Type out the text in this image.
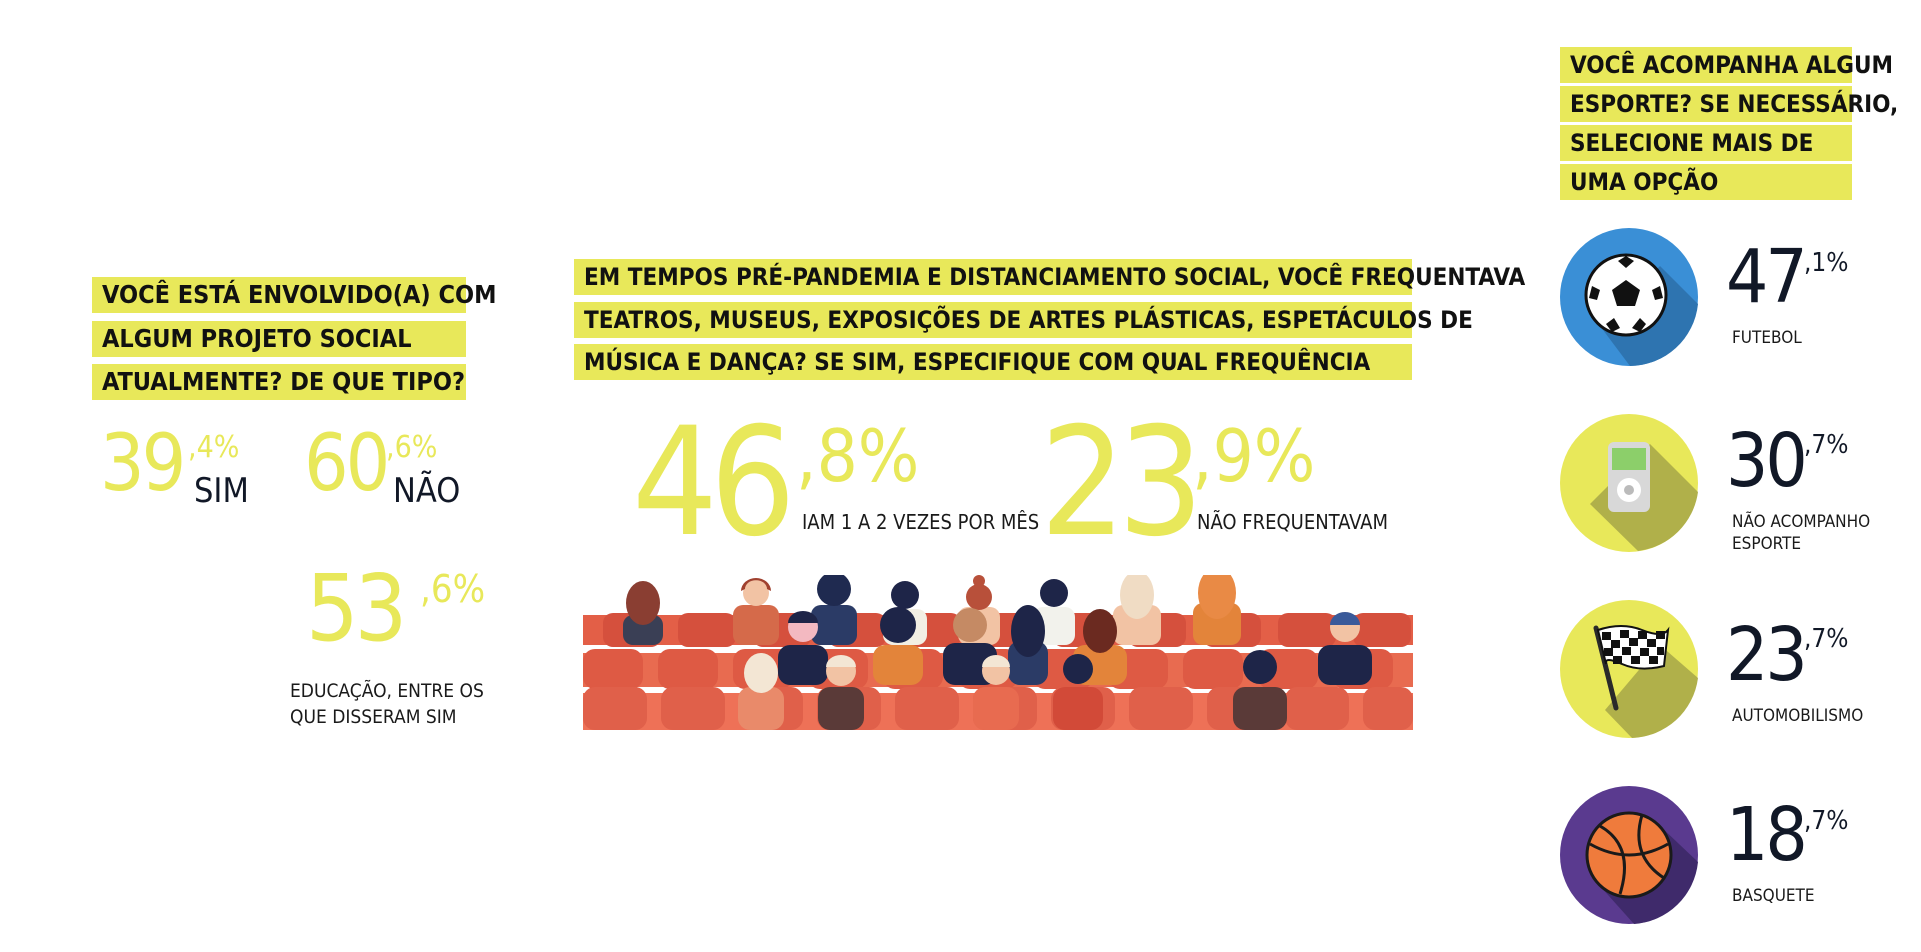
VOCÊ ESTÁ ENVOLVIDO(A) COM
ALGUM PROJETO SOCIAL
ATUALMENTE? DE QUE TIPO?
39 ,4%
SIM 60
,6%
NÃO
53 ,6%
EDUCAÇÃO, ENTRE OS
QUE DISSERAM SIM
EM TEMPOS PRÉ-PANDEMIA E DISTANCIAMENTO SOCIAL, VOCÊ FREQUENTAVA
TEATROS, MUSEUS, EXPOSIÇÕES DE ARTES PLÁSTICAS, ESPETÁCULOS DE
MÚSICA E DANÇA? SE SIM, ESPECIFIQUE COM QUAL FREQUÊNCIA
46 ,8%
IAM 1 A 2 VEZES POR MÊS 23
,9%
NÃO FREQUENTAVAM
VOCÊ ACOMPANHA ALGUM
ESPORTE? SE NECESSÁRIO,
SELECIONE MAIS DE
UMA OPÇÃO
47 ,1%
FUTEBOL
30 ,7%
NÃO ACOMPANHO
ESPORTE
23 ,7%
AUTOMOBILISMO
18 ,7%
BASQUETE
